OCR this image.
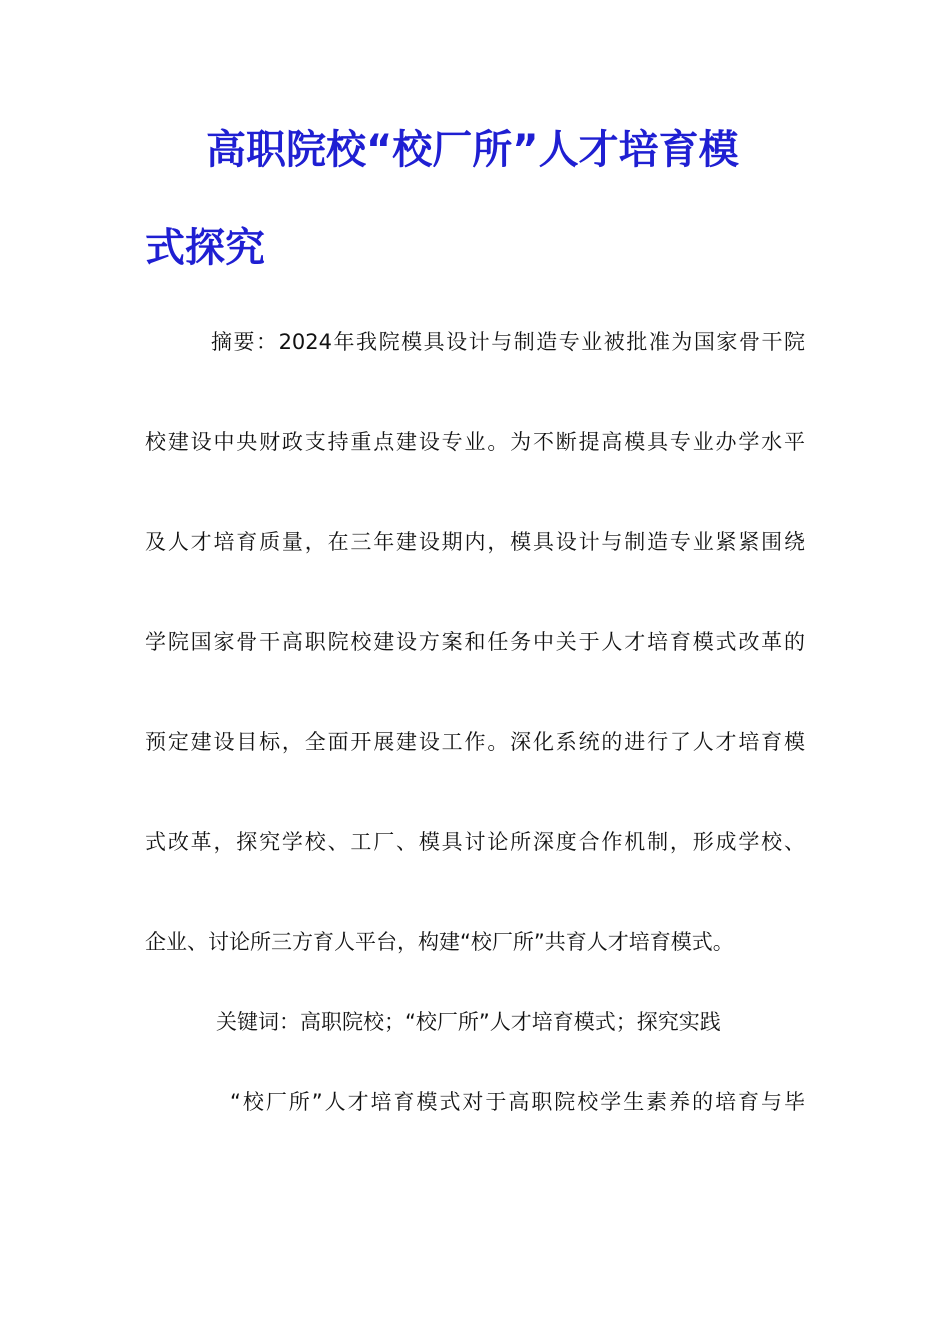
高职院校“校厂所”人才培育模
式探究
摘要：2024年我院模具设计与制造专业被批准为国家骨干院
校建设中央财政支持重点建设专业。为不断提高模具专业办学水平
及人才培育质量，在三年建设期内，模具设计与制造专业紧紧围绕
学院国家骨干高职院校建设方案和任务中关于人才培育模式改革的
预定建设目标，全面开展建设工作。深化系统的进行了人才培育模
式改革，探究学校、工厂、模具讨论所深度合作机制，形成学校、
企业、讨论所三方育人平台，构建“校厂所”共育人才培育模式。
关键词：高职院校；“校厂所”人才培育模式；探究实践
“校厂所”人才培育模式对于高职院校学生素养的培育与毕
